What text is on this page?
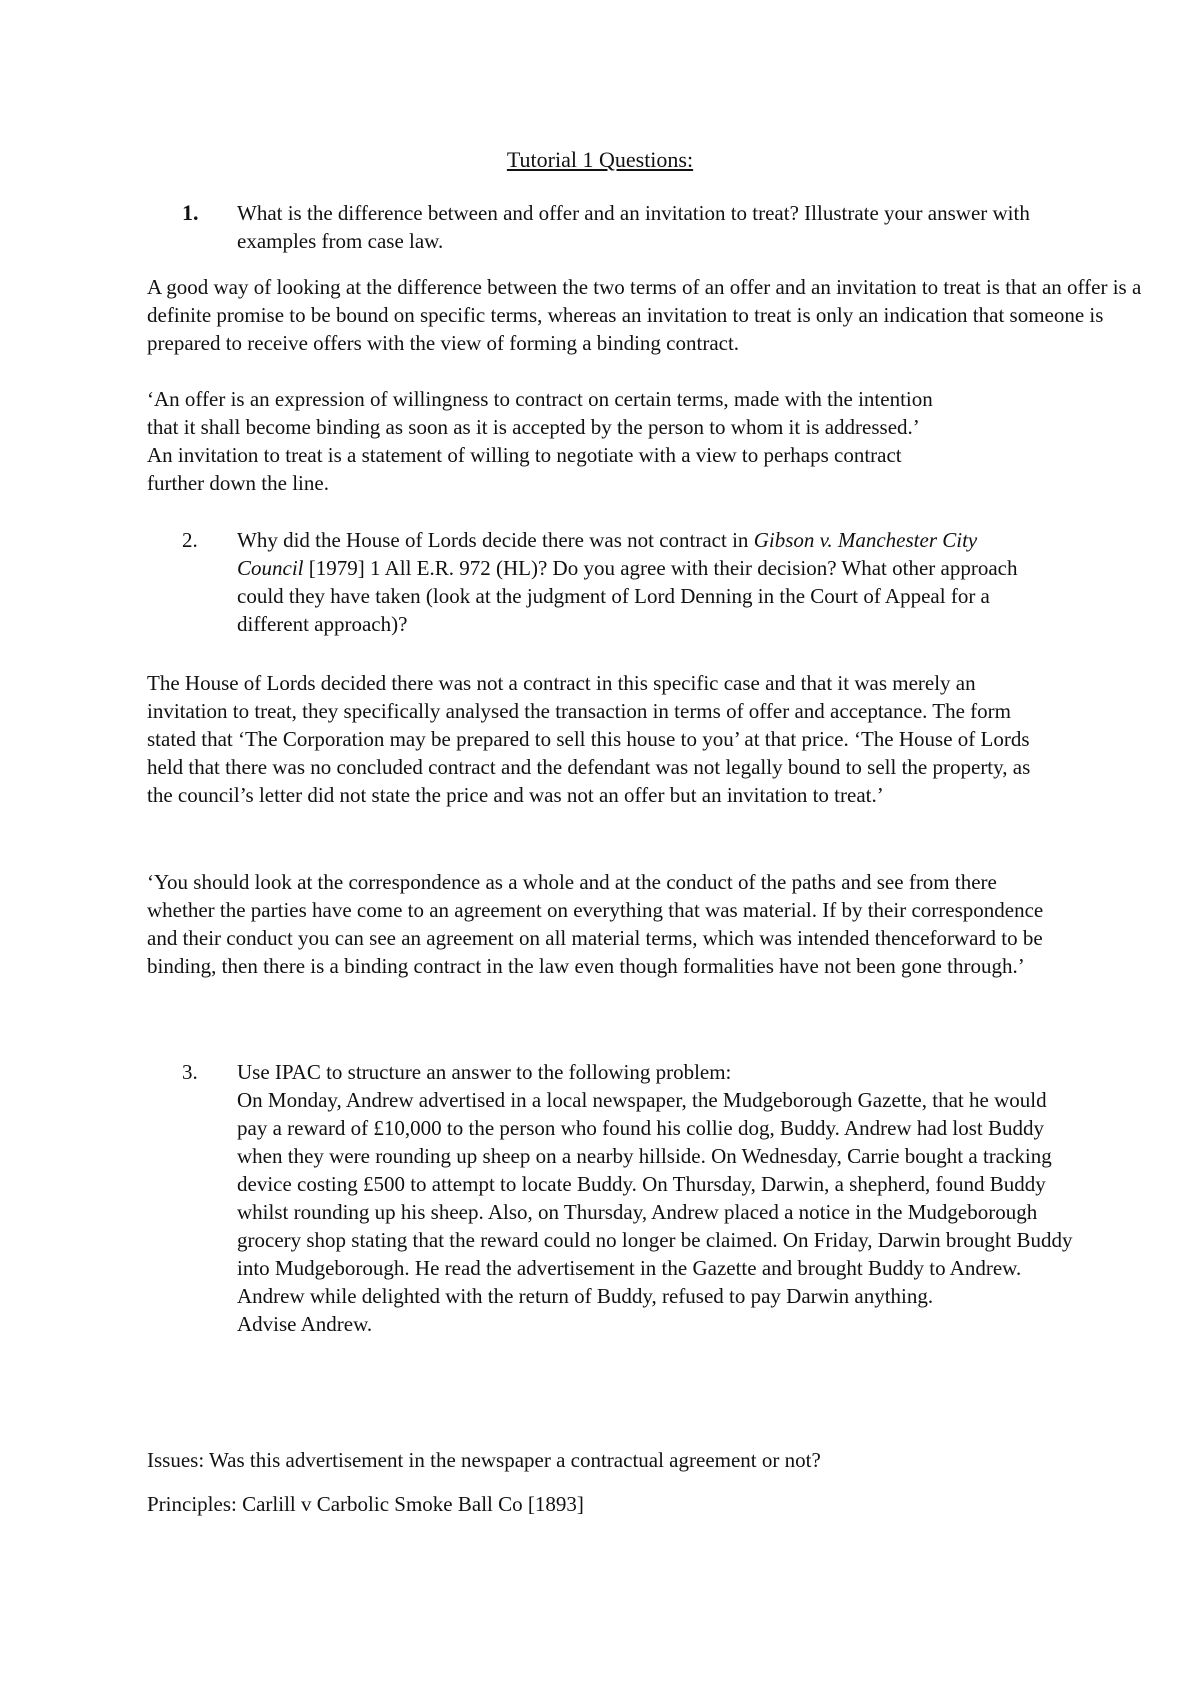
Tutorial 1 Questions:
1. What is the difference between and offer and an invitation to treat? Illustrate your answer with examples from case law.

A good way of looking at the difference between the two terms of an offer and an invitation to treat is that an offer is a definite promise to be bound on specific terms, whereas an invitation to treat is only an indication that someone is prepared to receive offers with the view of forming a binding contract.

‘An offer is an expression of willingness to contract on certain terms, made with the intention

that it shall become binding as soon as it is accepted by the person to whom it is addressed.’

An invitation to treat is a statement of willing to negotiate with a view to perhaps contract

further down the line.

2. Why did the House of Lords decide there was not contract in Gibson v. Manchester City Council [1979] 1 All E.R. 972 (HL)? Do you agree with their decision? What other approach could they have taken (look at the judgment of Lord Denning in the Court of Appeal for a different approach)?

The House of Lords decided there was not a contract in this specific case and that it was merely an invitation to treat, they specifically analysed the transaction in terms of offer and acceptance. The form stated that ‘The Corporation may be prepared to sell this house to you’ at that price. ‘The House of Lords held that there was no concluded contract and the defendant was not legally bound to sell the property, as the council’s letter did not state the price and was not an offer but an invitation to treat.’

‘You should look at the correspondence as a whole and at the conduct of the paths and see from there whether the parties have come to an agreement on everything that was material. If by their correspondence and their conduct you can see an agreement on all material terms, which was intended thenceforward to be binding, then there is a binding contract in the law even though formalities have not been gone through.’

3. Use IPAC to structure an answer to the following problem:

On Monday, Andrew advertised in a local newspaper, the Mudgeborough Gazette, that he would pay a reward of £10,000 to the person who found his collie dog, Buddy. Andrew had lost Buddy when they were rounding up sheep on a nearby hillside. On Wednesday, Carrie bought a tracking device costing £500 to attempt to locate Buddy. On Thursday, Darwin, a shepherd, found Buddy whilst rounding up his sheep. Also, on Thursday, Andrew placed a notice in the Mudgeborough grocery shop stating that the reward could no longer be claimed. On Friday, Darwin brought Buddy into Mudgeborough. He read the advertisement in the Gazette and brought Buddy to Andrew. Andrew while delighted with the return of Buddy, refused to pay Darwin anything.

Advise Andrew.

Issues: Was this advertisement in the newspaper a contractual agreement or not?

Principles: Carlill v Carbolic Smoke Ball Co [1893]
